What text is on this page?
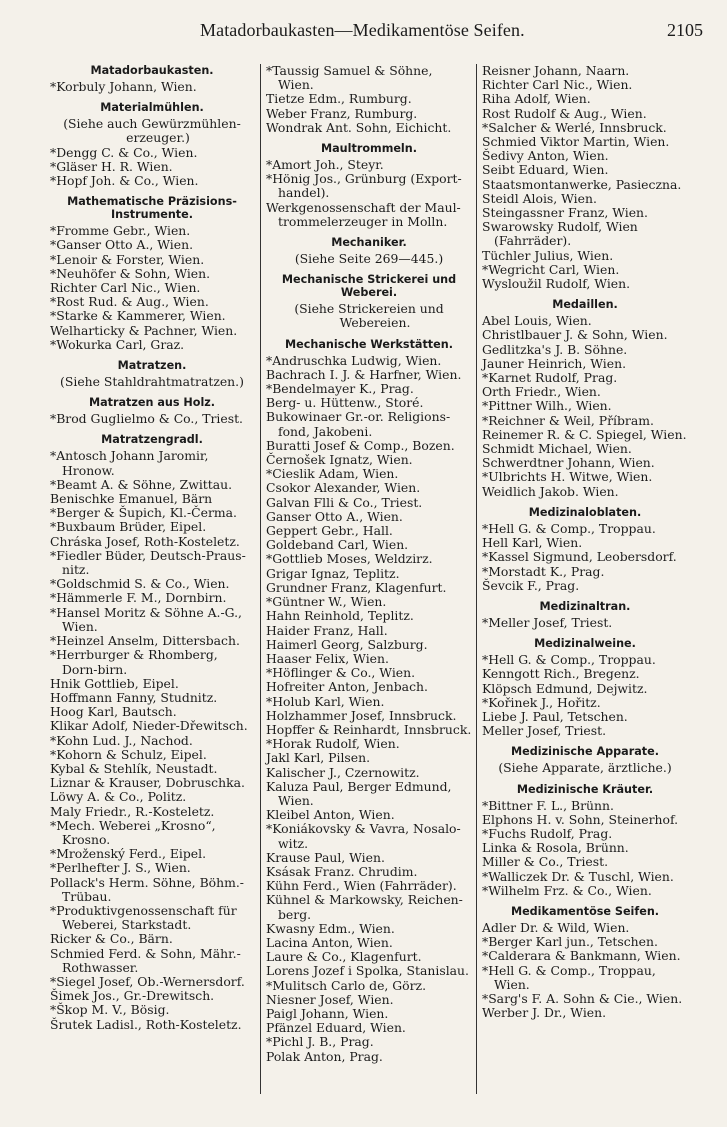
Matadorbaukasten—Medikamentöse Seifen.	2105
Matadorbaukasten.
*Korbuly Johann, Wien.
Materialmühlen.
(Siehe auch Gewürzmühlen-erzeuger.)
*Dengg C. & Co., Wien.
*Gläser H. R. Wien.
*Hopf Joh. & Co., Wien.
Mathematische Präzisions-Instrumente.
*Fromme Gebr., Wien.
*Ganser Otto A., Wien.
*Lenoir & Forster, Wien.
*Neuhöfer & Sohn, Wien.
Richter Carl Nic., Wien.
*Rost Rud. & Aug., Wien.
*Starke & Kammerer, Wien.
Welharticky & Pachner, Wien.
*Wokurka Carl, Graz.
Matratzen.
(Siehe Stahldrahtmatratzen.)
Matratzen aus Holz.
*Brod Guglielmo & Co., Triest.
Matratzengradl.
*Antosch Johann Jaromir, Hronow.
*Beamt A. & Söhne, Zwittau.
Benischke Emanuel, Bärn
*Berger & Šupich, Kl.-Čerma.
*Buxbaum Brüder, Eipel.
Chráska Josef, Roth-Kosteletz.
*Fiedler Büder, Deutsch-Praus-nitz.
*Goldschmid S. & Co., Wien.
*Hämmerle F. M., Dornbirn.
*Hansel Moritz & Söhne A.-G., Wien.
*Heinzel Anselm, Dittersbach.
*Herrburger & Rhomberg, Dorn-birn.
Hnik Gottlieb, Eipel.
Hoffmann Fanny, Studnitz.
Hoog Karl, Bautsch.
Klikar Adolf, Nieder-Dřewitsch.
*Kohn Lud. J., Nachod.
*Kohorn & Schulz, Eipel.
Kybal & Stehlík, Neustadt.
Liznar & Krauser, Dobruschka.
Löwy A. & Co., Politz.
Maly Friedr., R.-Kosteletz.
*Mech. Weberei „Krosno“, Krosno.
*Mroženský Ferd., Eipel.
*Perlhefter J. S., Wien.
Pollack's Herm. Söhne, Böhm.-Trübau.
*Produktivgenossenschaft für Weberei, Starkstadt.
Ricker & Co., Bärn.
Schmied Ferd. & Sohn, Mähr.-Rothwasser.
*Siegel Josef, Ob.-Wernersdorf.
Šimek Jos., Gr.-Drewitsch.
*Škop M. V., Bösig.
Šrutek Ladisl., Roth-Kosteletz.
*Taussig Samuel & Söhne, Wien.
Tietze Edm., Rumburg.
Weber Franz, Rumburg.
Wondrak Ant. Sohn, Eichicht.
Maultrommeln.
*Amort Joh., Steyr.
*Hönig Jos., Grünburg (Export-handel).
Werkgenossenschaft der Maul-trommelerzeuger in Molln.
Mechaniker.
(Siehe Seite 269—445.)
Mechanische Strickerei und Weberei.
(Siehe Strickereien und Webereien.
Mechanische Werkstätten.
*Andruschka Ludwig, Wien.
Bachrach I. J. & Harfner, Wien.
*Bendelmayer K., Prag.
Berg- u. Hüttenw., Storé.
Bukowinaer Gr.-or. Religions-fond, Jakobeni.
Buratti Josef & Comp., Bozen.
Černošek Ignatz, Wien.
*Cieslik Adam, Wien.
Csokor Alexander, Wien.
Galvan Flli & Co., Triest.
Ganser Otto A., Wien.
Geppert Gebr., Hall.
Goldeband Carl, Wien.
*Gottlieb Moses, Weldzirz.
Grigar Ignaz, Teplitz.
Grundner Franz, Klagenfurt.
*Güntner W., Wien.
Hahn Reinhold, Teplitz.
Haider Franz, Hall.
Haimerl Georg, Salzburg.
Haaser Felix, Wien.
*Höflinger & Co., Wien.
Hofreiter Anton, Jenbach.
*Holub Karl, Wien.
Holzhammer Josef, Innsbruck.
Hopffer & Reinhardt, Innsbruck.
*Horak Rudolf, Wien.
Jakl Karl, Pilsen.
Kalischer J., Czernowitz.
Kaluza Paul, Berger Edmund, Wien.
Kleibel Anton, Wien.
*Koniákovsky & Vavra, Nosalo-witz.
Krause Paul, Wien.
Ksásak Franz. Chrudim.
Kühn Ferd., Wien (Fahrräder).
Kühnel & Markowsky, Reichen-berg.
Kwasny Edm., Wien.
Lacina Anton, Wien.
Laure & Co., Klagenfurt.
Lorens Jozef i Spolka, Stanislau.
*Mulitsch Carlo de, Görz.
Niesner Josef, Wien.
Paigl Johann, Wien.
Pfänzel Eduard, Wien.
*Pichl J. B., Prag.
Polak Anton, Prag.
Reisner Johann, Naarn.
Richter Carl Nic., Wien.
Riha Adolf, Wien.
Rost Rudolf & Aug., Wien.
*Salcher & Werlé, Innsbruck.
Schmied Viktor Martin, Wien.
Šedivy Anton, Wien.
Seibt Eduard, Wien.
Staatsmontanwerke, Pasieczna.
Steidl Alois, Wien.
Steingassner Franz, Wien.
Swarowsky Rudolf, Wien (Fahrräder).
Tüchler Julius, Wien.
*Wegricht Carl, Wien.
Wysloužil Rudolf, Wien.
Medaillen.
Abel Louis, Wien.
Christlbauer J. & Sohn, Wien.
Gedlitzka's J. B. Söhne.
Jauner Heinrich, Wien.
*Karnet Rudolf, Prag.
Orth Friedr., Wien.
*Pittner Wilh., Wien.
*Reichner & Weil, Příbram.
Reinemer R. & C. Spiegel, Wien.
Schmidt Michael, Wien.
Schwerdtner Johann, Wien.
*Ulbrichts H. Witwe, Wien.
Weidlich Jakob. Wien.
Medizinaloblaten.
*Hell G. & Comp., Troppau.
Hell Karl, Wien.
*Kassel Sigmund, Leobersdorf.
*Morstadt K., Prag.
Ševcik F., Prag.
Medizinaltran.
*Meller Josef, Triest.
Medizinalweine.
*Hell G. & Comp., Troppau.
Kenngott Rich., Bregenz.
Klöpsch Edmund, Dejwitz.
*Kořinek J., Hořitz.
Liebe J. Paul, Tetschen.
Meller Josef, Triest.
Medizinische Apparate.
(Siehe Apparate, ärztliche.)
Medizinische Kräuter.
*Bittner F. L., Brünn.
Elphons H. v. Sohn, Steinerhof.
*Fuchs Rudolf, Prag.
Linka & Rosola, Brünn.
Miller & Co., Triest.
*Walliczek Dr. & Tuschl, Wien.
*Wilhelm Frz. & Co., Wien.
Medikamentöse Seifen.
Adler Dr. & Wild, Wien.
*Berger Karl jun., Tetschen.
*Calderara & Bankmann, Wien.
*Hell G. & Comp., Troppau, Wien.
*Sarg's F. A. Sohn & Cie., Wien.
Werber J. Dr., Wien.
